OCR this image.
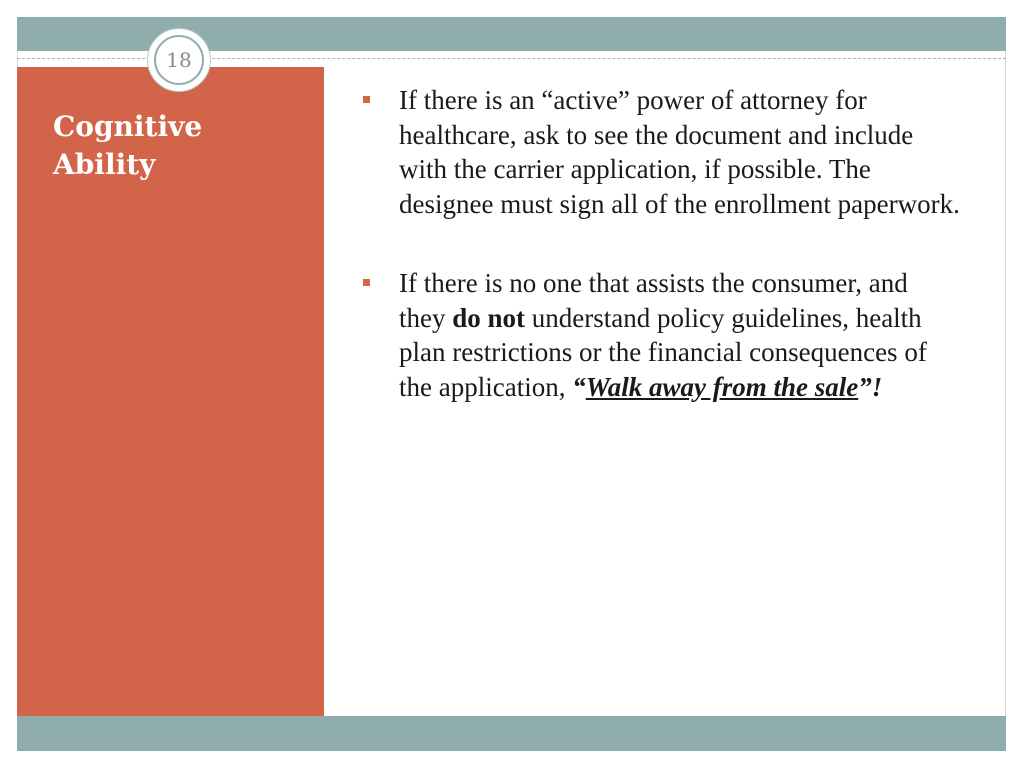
Cognitive Ability
18
If there is an “active” power of attorney for healthcare, ask to see the document and include with the carrier application, if possible. The designee must sign all of the enrollment paperwork.
If there is no one that assists the consumer, and they do not understand policy guidelines, health plan restrictions or the financial consequences of the application, “Walk away from the sale”!
